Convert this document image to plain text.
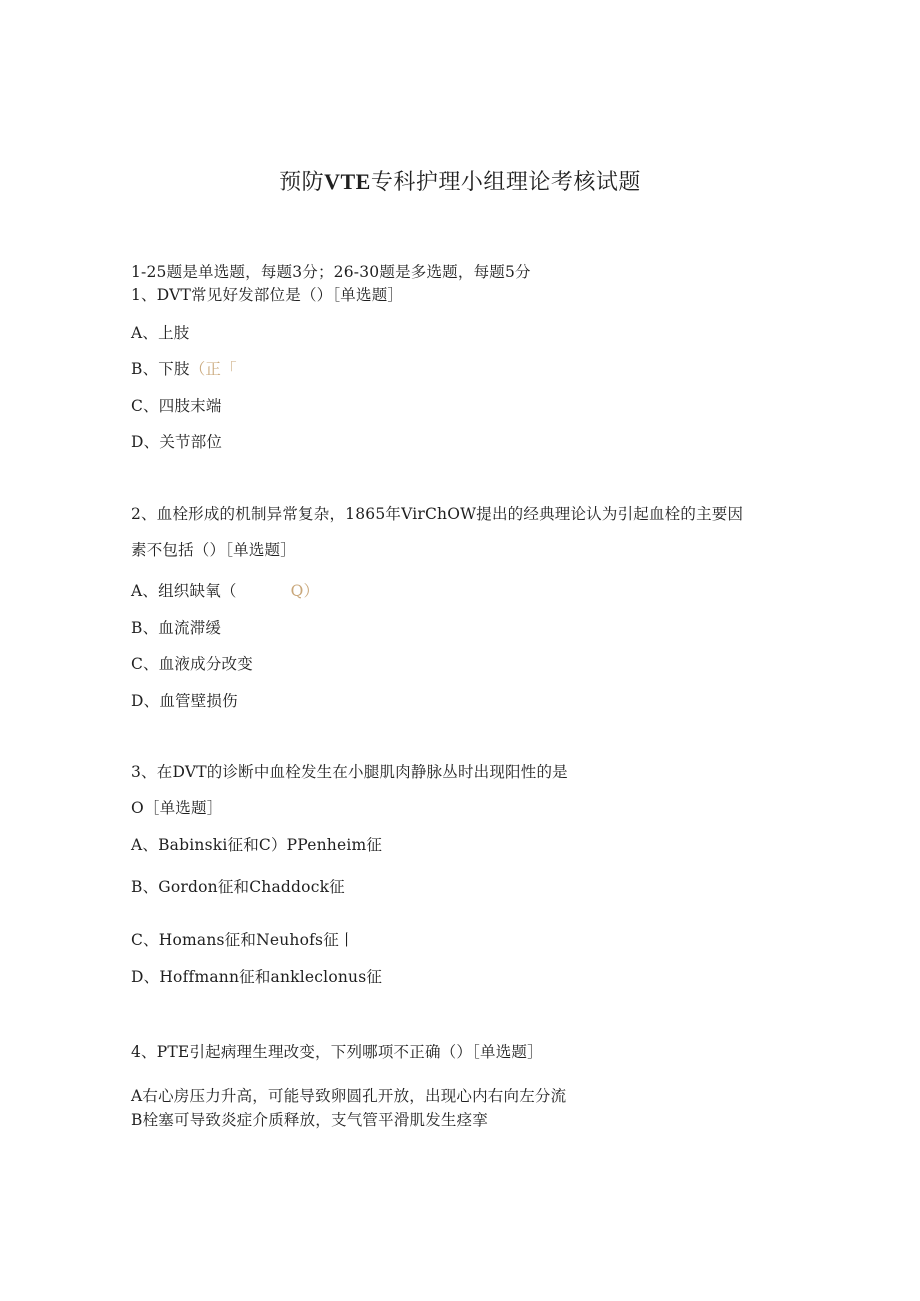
预防VTE专科护理小组理论考核试题
1-25题是单选题，每题3分；26-30题是多选题，每题5分
1、DVT常见好发部位是（）［单选题］
A、上肢
B、下肢（正「
C、四肢末端
D、关节部位
2、血栓形成的机制异常复杂，1865年VirChOW提出的经典理论认为引起血栓的主要因
素不包括（）［单选题］
A、组织缺氧（	Q）
B、血流滞缓
C、血液成分改变
D、血管壁损伤
3、在DVT的诊断中血栓发生在小腿肌肉静脉丛时出现阳性的是
O［单选题］
A、Babinski征和C）PPenheim征
B、Gordon征和Chaddock征
C、Homans征和Neuhofs征丨
D、Hoffmann征和ankleclonus征
4、PTE引起病理生理改变，下列哪项不正确（）［单选题］
A右心房压力升高，可能导致卵圆孔开放，出现心内右向左分流
B栓塞可导致炎症介质释放，支气管平滑肌发生痉挛
